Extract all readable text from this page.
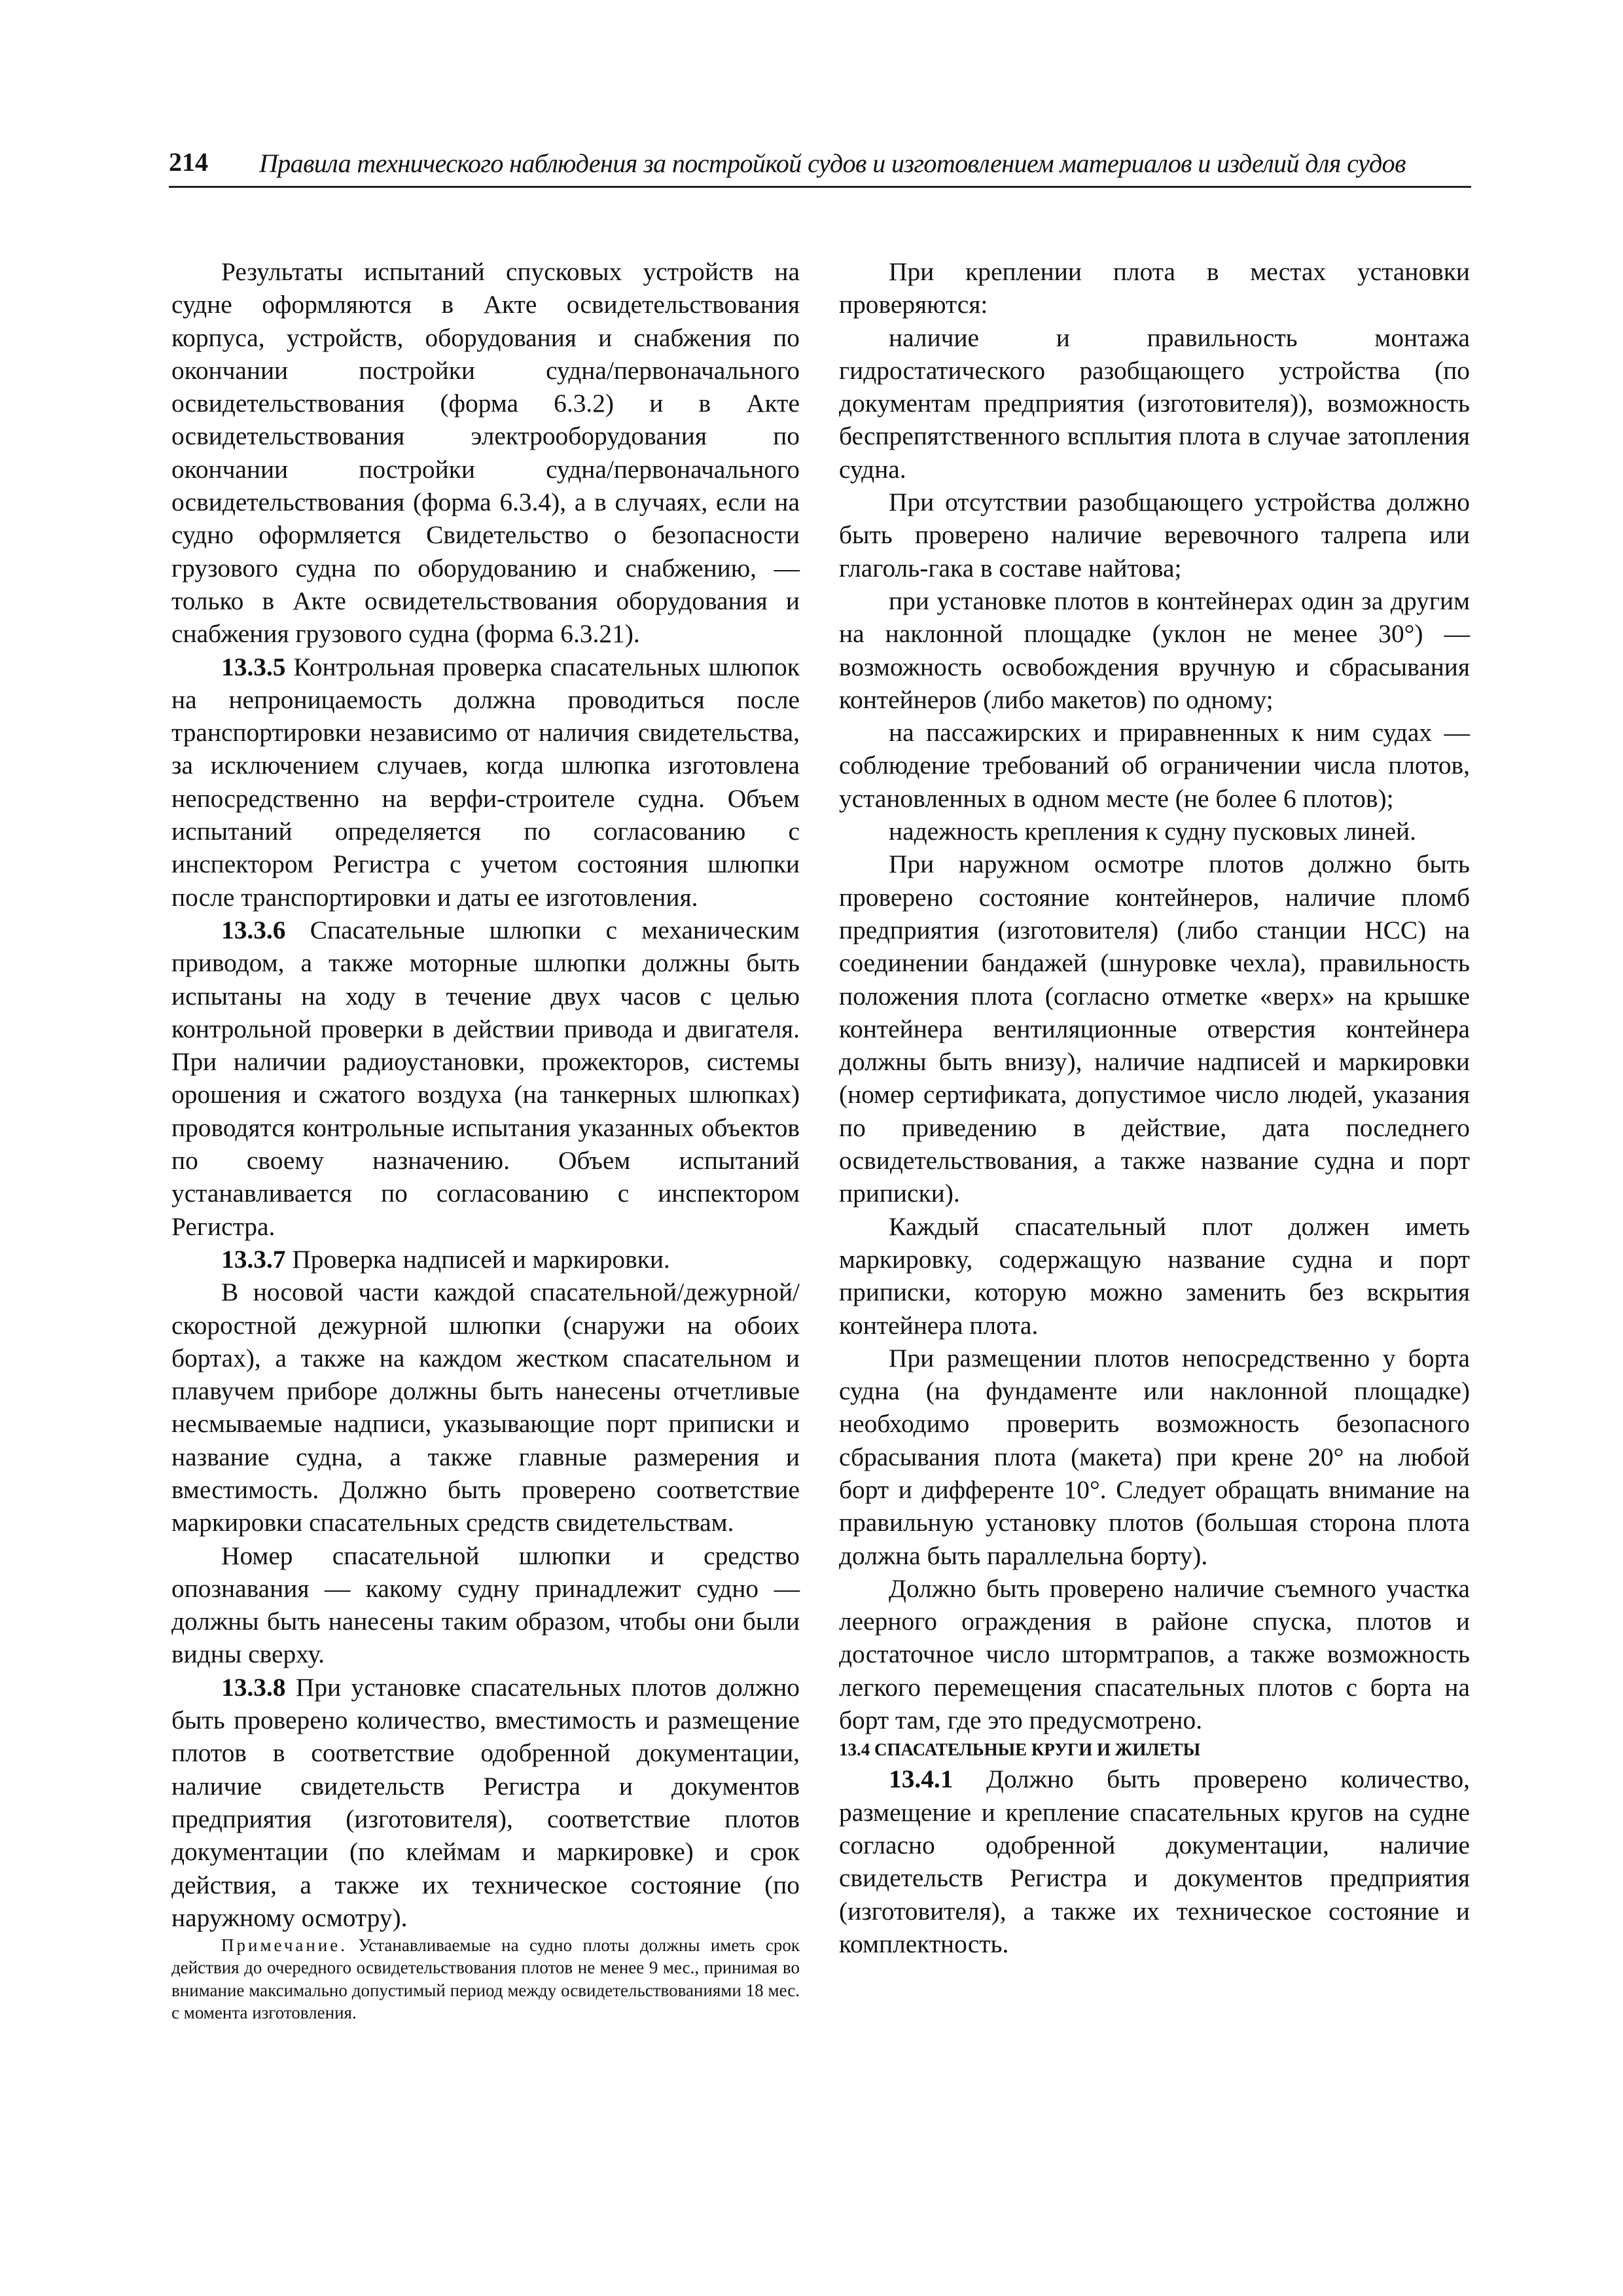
214 Правила технического наблюдения за постройкой судов и изготовлением материалов и изделий для судов

Результаты испытаний спусковых устройств на судне оформляются в Акте освидетельствования корпуса, устройств, оборудования и снабжения по окончании постройки судна/первоначального освидетельствования (форма 6.3.2) и в Акте освидетельствования электрооборудования по окончании постройки судна/первоначального освидетельствования (форма 6.3.4), а в случаях, если на судно оформляется Свидетельство о безопасности грузового судна по оборудованию и снабжению, — только в Акте освидетельствования оборудования и снабжения грузового судна (форма 6.3.21).

13.3.5 Контрольная проверка спасательных шлюпок на непроницаемость должна проводиться после транспортировки независимо от наличия свидетельства, за исключением случаев, когда шлюпка изготовлена непосредственно на верфи-строителе судна. Объем испытаний определяется по согласованию с инспектором Регистра с учетом состояния шлюпки после транспортировки и даты ее изготовления.

13.3.6 Спасательные шлюпки с механическим приводом, а также моторные шлюпки должны быть испытаны на ходу в течение двух часов с целью контрольной проверки в действии привода и двигателя. При наличии радиоустановки, прожекторов, системы орошения и сжатого воздуха (на танкерных шлюпках) проводятся контрольные испытания указанных объектов по своему назначению. Объем испытаний устанавливается по согласованию с инспектором Регистра.

13.3.7 Проверка надписей и маркировки.

В носовой части каждой спасательной/дежурной/ скоростной дежурной шлюпки (снаружи на обоих бортах), а также на каждом жестком спасательном и плавучем приборе должны быть нанесены отчетливые несмываемые надписи, указывающие порт приписки и название судна, а также главные размерения и вместимость. Должно быть проверено соответствие маркировки спасательных средств свидетельствам.

Номер спасательной шлюпки и средство опознавания — какому судну принадлежит судно — должны быть нанесены таким образом, чтобы они были видны сверху.

13.3.8 При установке спасательных плотов должно быть проверено количество, вместимость и размещение плотов в соответствие одобренной документации, наличие свидетельств Регистра и документов предприятия (изготовителя), соответствие плотов документации (по клеймам и маркировке) и срок действия, а также их техническое состояние (по наружному осмотру).

Примечание. Устанавливаемые на судно плоты должны иметь срок действия до очередного освидетельствования плотов не менее 9 мес., принимая во внимание максимально допустимый период между освидетельствованиями 18 мес. с момента изготовления.

При креплении плота в местах установки проверяются:

наличие и правильность монтажа гидростатического разобщающего устройства (по документам предприятия (изготовителя)), возможность беспрепятственного всплытия плота в случае затопления судна.

При отсутствии разобщающего устройства должно быть проверено наличие веревочного талрепа или глаголь-гака в составе найтова;

при установке плотов в контейнерах один за другим на наклонной площадке (уклон не менее 30°) — возможность освобождения вручную и сбрасывания контейнеров (либо макетов) по одному;

на пассажирских и приравненных к ним судах — соблюдение требований об ограничении числа плотов, установленных в одном месте (не более 6 плотов);

надежность крепления к судну пусковых линей.

При наружном осмотре плотов должно быть проверено состояние контейнеров, наличие пломб предприятия (изготовителя) (либо станции НСС) на соединении бандажей (шнуровке чехла), правильность положения плота (согласно отметке «верх» на крышке контейнера вентиляционные отверстия контейнера должны быть внизу), наличие надписей и маркировки (номер сертификата, допустимое число людей, указания по приведению в действие, дата последнего освидетельствования, а также название судна и порт приписки).

Каждый спасательный плот должен иметь маркировку, содержащую название судна и порт приписки, которую можно заменить без вскрытия контейнера плота.

При размещении плотов непосредственно у борта судна (на фундаменте или наклонной площадке) необходимо проверить возможность безопасного сбрасывания плота (макета) при крене 20° на любой борт и дифференте 10°. Следует обращать внимание на правильную установку плотов (большая сторона плота должна быть параллельна борту).

Должно быть проверено наличие съемного участка леерного ограждения в районе спуска, плотов и достаточное число штормтрапов, а также возможность легкого перемещения спасательных плотов с борта на борт там, где это предусмотрено.

13.4 СПАСАТЕЛЬНЫЕ КРУГИ И ЖИЛЕТЫ

13.4.1 Должно быть проверено количество, размещение и крепление спасательных кругов на судне согласно одобренной документации, наличие свидетельств Регистра и документов предприятия (изготовителя), а также их техническое состояние и комплектность.
